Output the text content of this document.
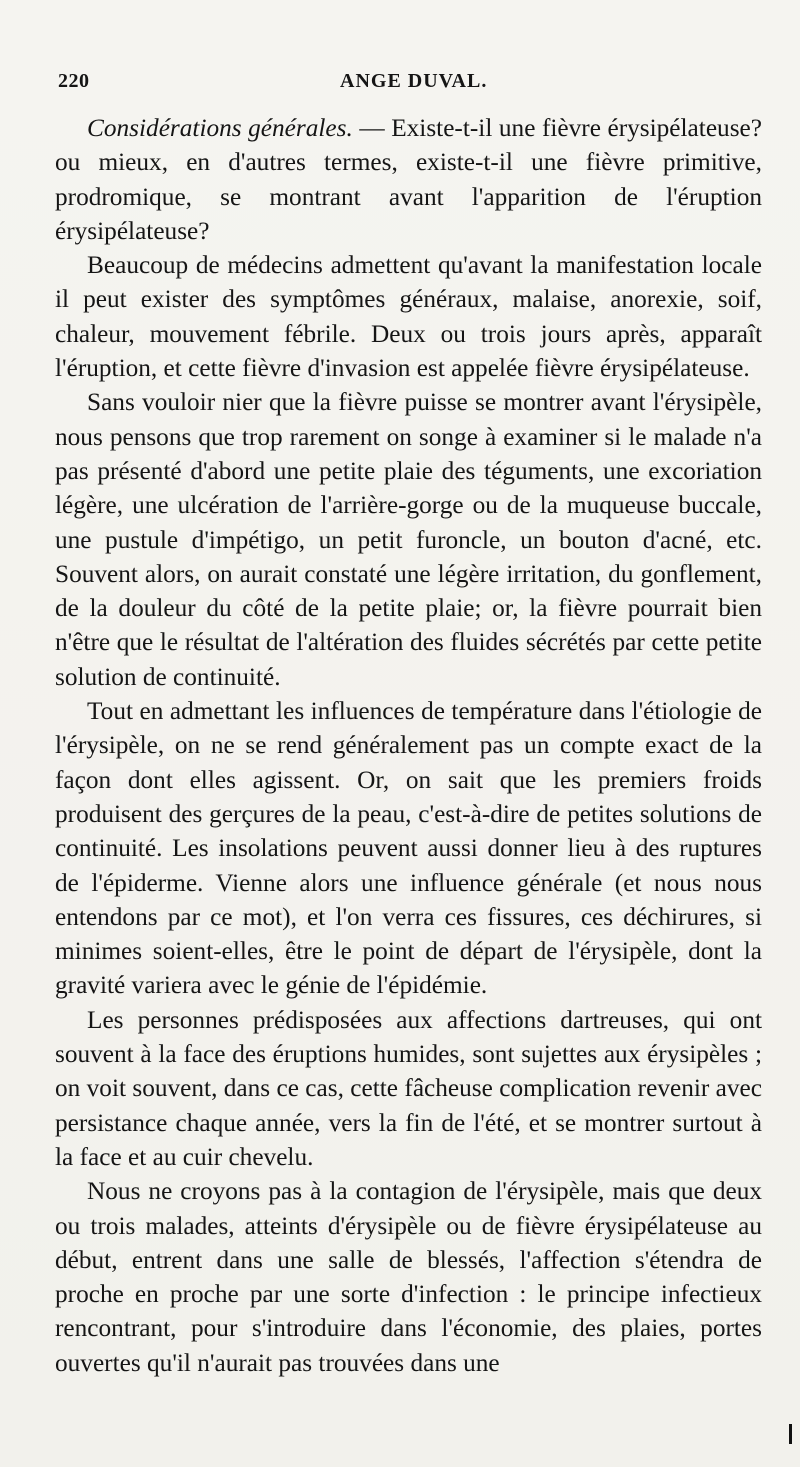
220	ANGE DUVAL.

Considérations générales. — Existe-t-il une fièvre érysipélateuse? ou mieux, en d'autres termes, existe-t-il une fièvre primitive, prodromique, se montrant avant l'apparition de l'éruption érysipélateuse?

Beaucoup de médecins admettent qu'avant la manifestation locale il peut exister des symptômes généraux, malaise, anorexie, soif, chaleur, mouvement fébrile. Deux ou trois jours après, apparaît l'éruption, et cette fièvre d'invasion est appelée fièvre érysipélateuse.

Sans vouloir nier que la fièvre puisse se montrer avant l'érysipèle, nous pensons que trop rarement on songe à examiner si le malade n'a pas présenté d'abord une petite plaie des téguments, une excoriation légère, une ulcération de l'arrière-gorge ou de la muqueuse buccale, une pustule d'impétigo, un petit furoncle, un bouton d'acné, etc. Souvent alors, on aurait constaté une légère irritation, du gonflement, de la douleur du côté de la petite plaie; or, la fièvre pourrait bien n'être que le résultat de l'altération des fluides sécrétés par cette petite solution de continuité.

Tout en admettant les influences de température dans l'étiologie de l'érysipèle, on ne se rend généralement pas un compte exact de la façon dont elles agissent. Or, on sait que les premiers froids produisent des gerçures de la peau, c'est-à-dire de petites solutions de continuité. Les insolations peuvent aussi donner lieu à des ruptures de l'épiderme. Vienne alors une influence générale (et nous nous entendons par ce mot), et l'on verra ces fissures, ces déchirures, si minimes soient-elles, être le point de départ de l'érysipèle, dont la gravité variera avec le génie de l'épidémie.

Les personnes prédisposées aux affections dartreuses, qui ont souvent à la face des éruptions humides, sont sujettes aux érysipèles ; on voit souvent, dans ce cas, cette fâcheuse complication revenir avec persistance chaque année, vers la fin de l'été, et se montrer surtout à la face et au cuir chevelu.

Nous ne croyons pas à la contagion de l'érysipèle, mais que deux ou trois malades, atteints d'érysipèle ou de fièvre érysipélateuse au début, entrent dans une salle de blessés, l'affection s'étendra de proche en proche par une sorte d'infection : le principe infectieux rencontrant, pour s'introduire dans l'économie, des plaies, portes ouvertes qu'il n'aurait pas trouvées dans une
